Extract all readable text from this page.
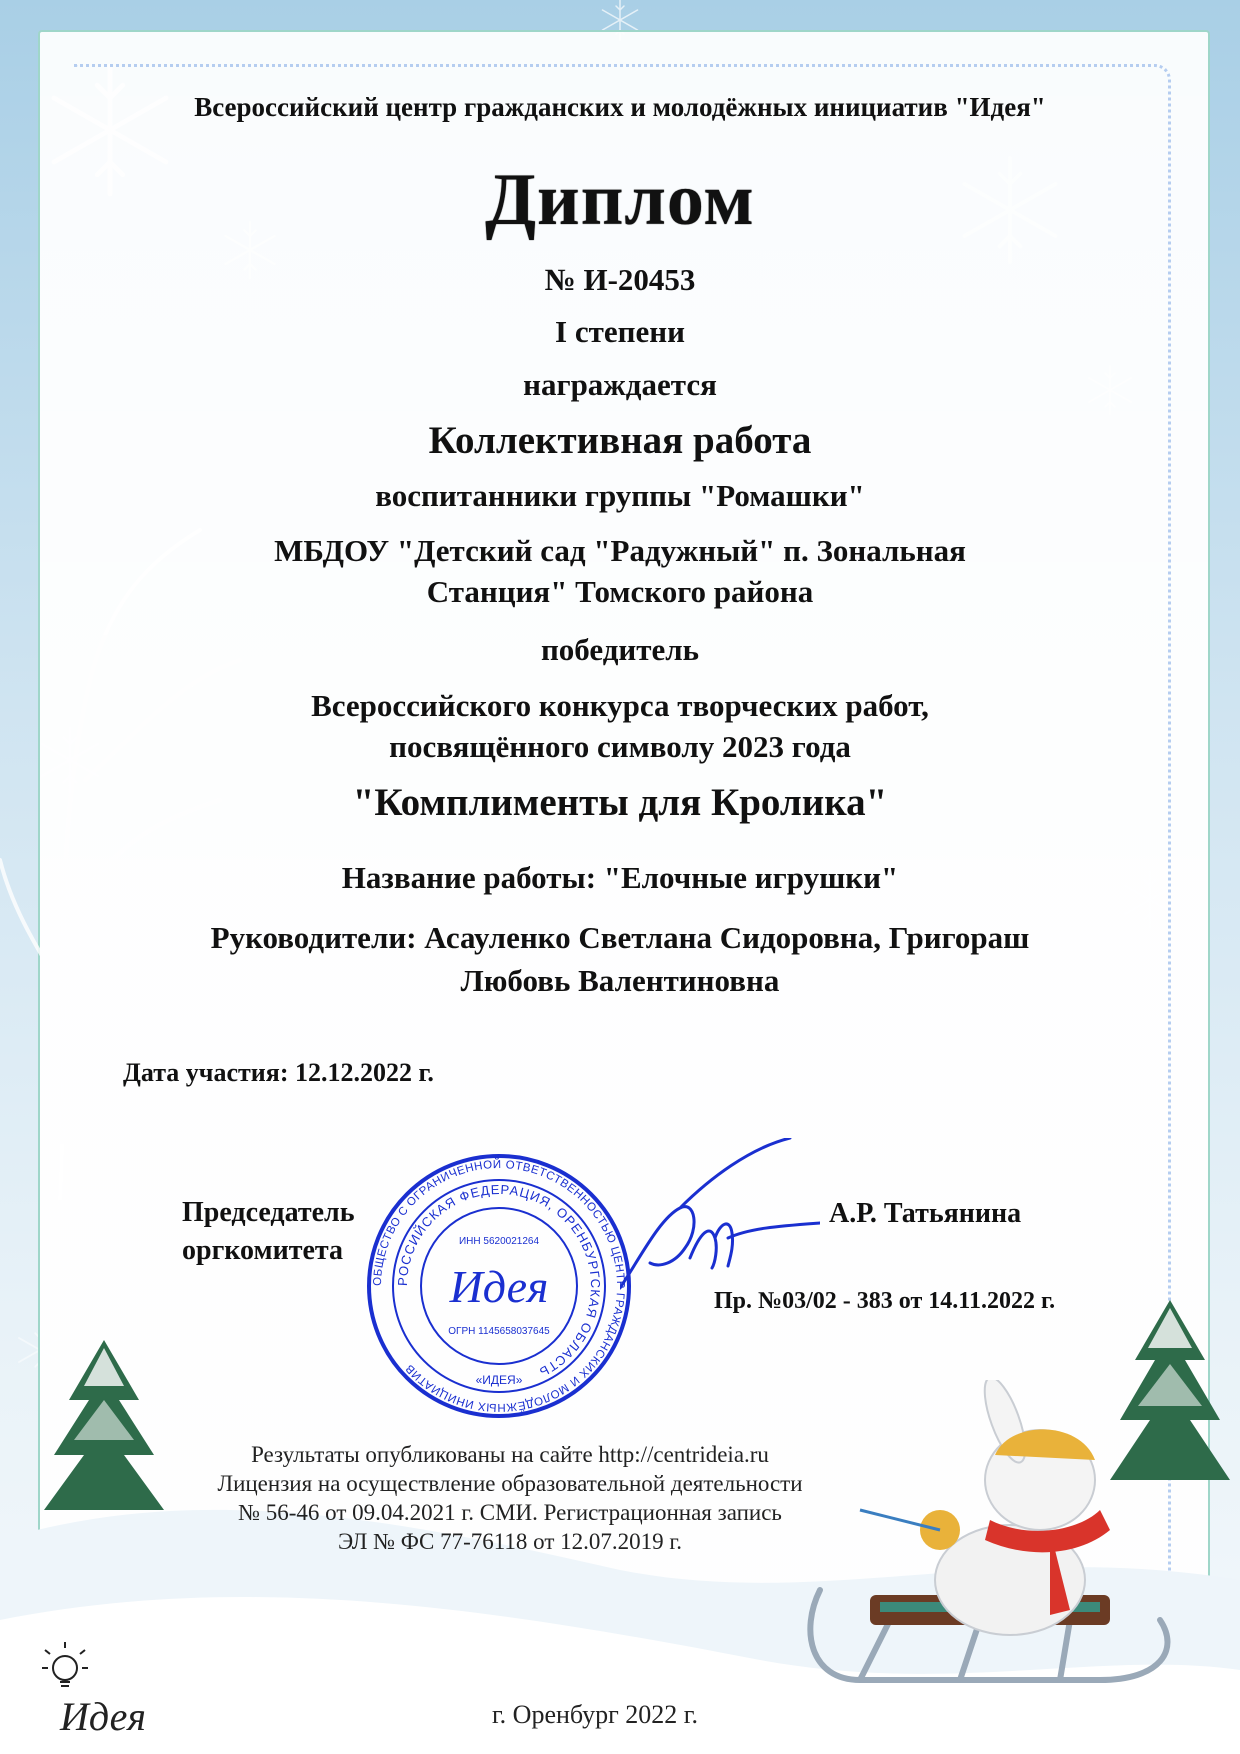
Всероссийский центр гражданских и молодёжных инициатив "Идея"
Диплом
№ И-20453
I степени
награждается
Коллективная работа
воспитанники группы "Ромашки"
МБДОУ "Детский сад "Радужный" п. Зональная
Станция" Томского района
победитель
Всероссийского конкурса творческих работ,
посвящённого символу 2023 года
"Комплименты для Кролика"
Название работы: "Елочные игрушки"
Руководители: Асауленко Светлана Сидоровна, Григораш
Любовь Валентиновна
Дата участия: 12.12.2022 г.
Председатель
оргкомитета
А.Р. Татьянина
Пр. №03/02 - 383 от 14.11.2022 г.
ОБЩЕСТВО С ОГРАНИЧЕННОЙ ОТВЕТСТВЕННОСТЬЮ ЦЕНТР ГРАЖДАНСКИХ И МОЛОДЁЖНЫХ ИНИЦИАТИВ
РОССИЙСКАЯ ФЕДЕРАЦИЯ, ОРЕНБУРГСКАЯ ОБЛАСТЬ
ИНН 5620021264
ОГРН 1145658037645
Идея
«ИДЕЯ»
Результаты опубликованы на сайте http://centrideia.ru
Лицензия на осуществление образовательной деятельности
№ 56-46 от 09.04.2021 г. СМИ. Регистрационная запись
ЭЛ № ФС 77-76118 от 12.07.2019 г.
Идея	г. Оренбург 2022 г.
